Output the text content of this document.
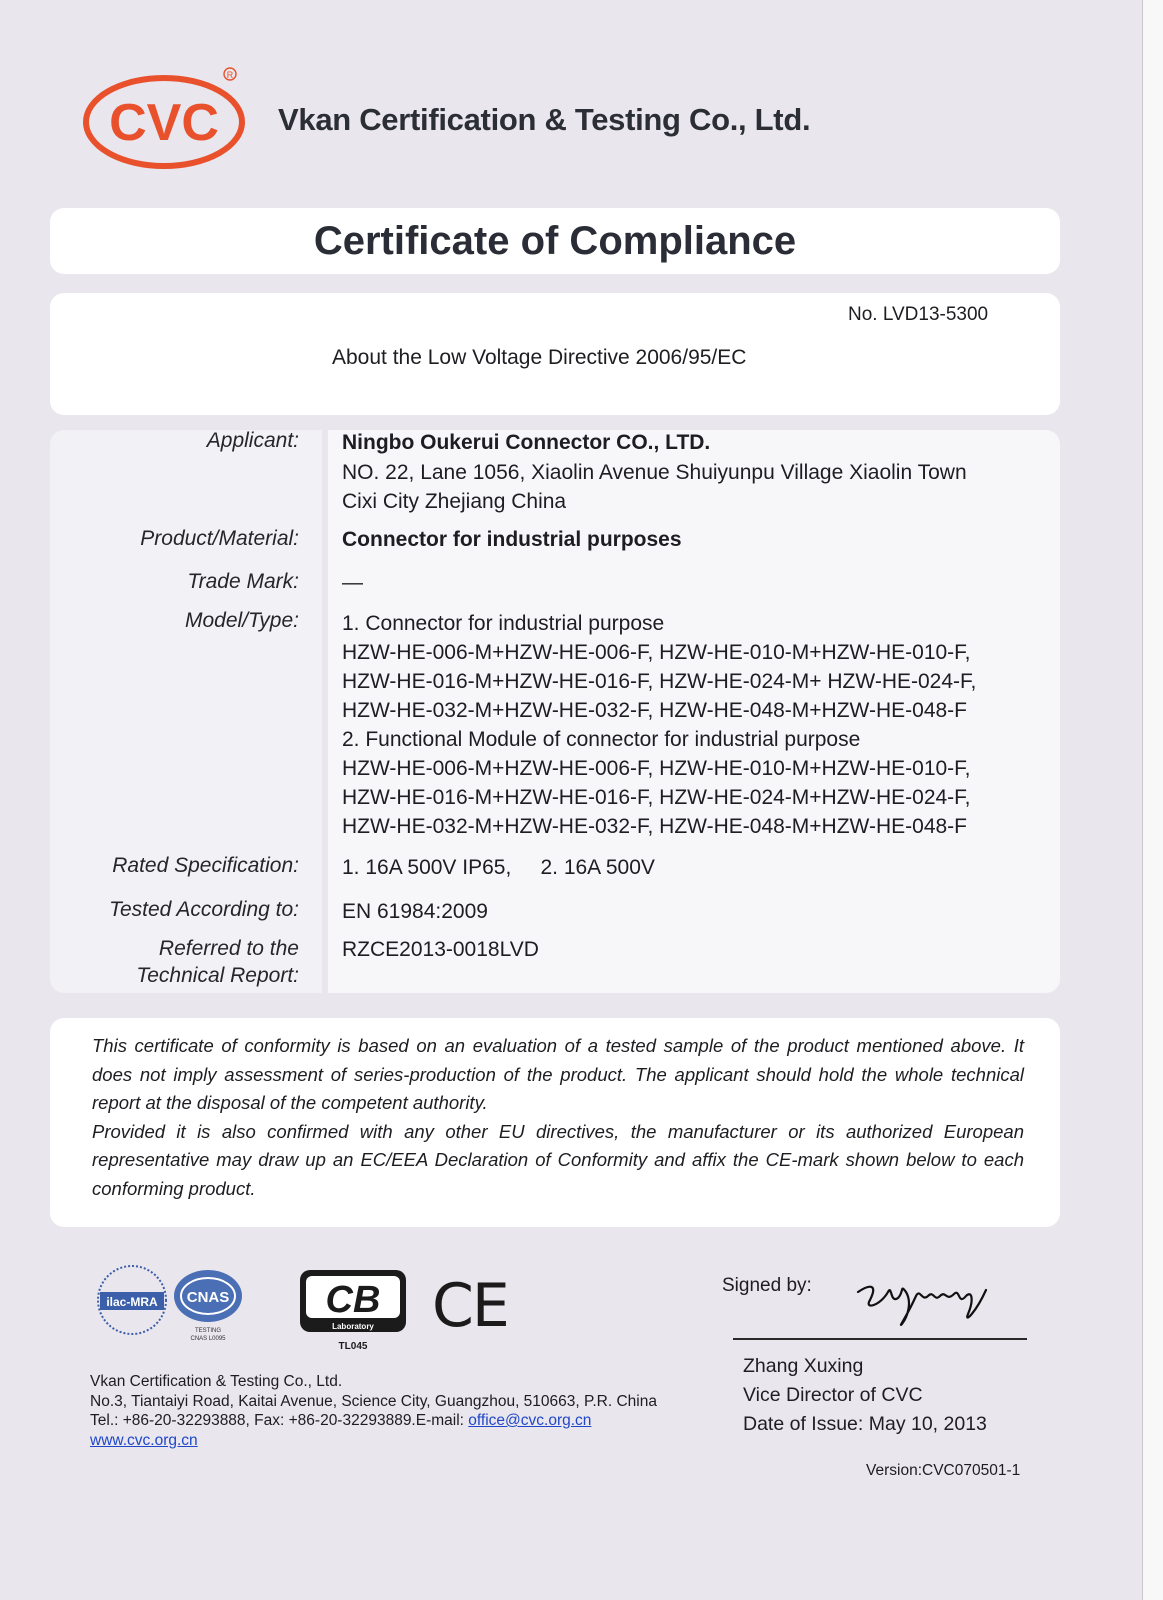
CVC
R
Vkan Certification & Testing Co., Ltd.
Certificate of Compliance
No. LVD13-5300
About the Low Voltage Directive 2006/95/EC
Applicant: Ningbo Oukerui Connector CO., LTD.
NO. 22, Lane 1056, Xiaolin Avenue Shuiyunpu Village Xiaolin Town
Cixi City Zhejiang China
Product/Material: Connector for industrial purposes
Trade Mark: —
Model/Type: 1. Connector for industrial purpose
HZW-HE-006-M+HZW-HE-006-F, HZW-HE-010-M+HZW-HE-010-F,
HZW-HE-016-M+HZW-HE-016-F, HZW-HE-024-M+ HZW-HE-024-F,
HZW-HE-032-M+HZW-HE-032-F, HZW-HE-048-M+HZW-HE-048-F
2. Functional Module of connector for industrial purpose
HZW-HE-006-M+HZW-HE-006-F, HZW-HE-010-M+HZW-HE-010-F,
HZW-HE-016-M+HZW-HE-016-F, HZW-HE-024-M+HZW-HE-024-F,
HZW-HE-032-M+HZW-HE-032-F, HZW-HE-048-M+HZW-HE-048-F
Rated Specification: 1. 16A 500V IP65,     2. 16A 500V
Tested According to: EN 61984:2009
Referred to the
Technical Report:
RZCE2013-0018LVD

This certificate of conformity is based on an evaluation of a tested sample of the product mentioned above. It does not imply assessment of series-production of the product. The applicant should hold the whole technical report at the disposal of the competent authority.

Provided it is also confirmed with any other EU directives, the manufacturer or its authorized European representative may draw up an EC/EEA Declaration of Conformity and affix the CE-mark shown below to each conforming product.

ilac-MRA CNAS
TESTING
CNAS L0095
CB
Laboratory
TL045
CE
Vkan Certification & Testing Co., Ltd.
No.3, Tiantaiyi Road, Kaitai Avenue, Science City, Guangzhou, 510663, P.R. China
Tel.: +86-20-32293888, Fax: +86-20-32293889.E-mail: office@cvc.org.cn
www.cvc.org.cn
Signed by:
Zhang Xuxing
Vice Director of CVC
Date of Issue: May 10, 2013
Version:CVC070501-1
